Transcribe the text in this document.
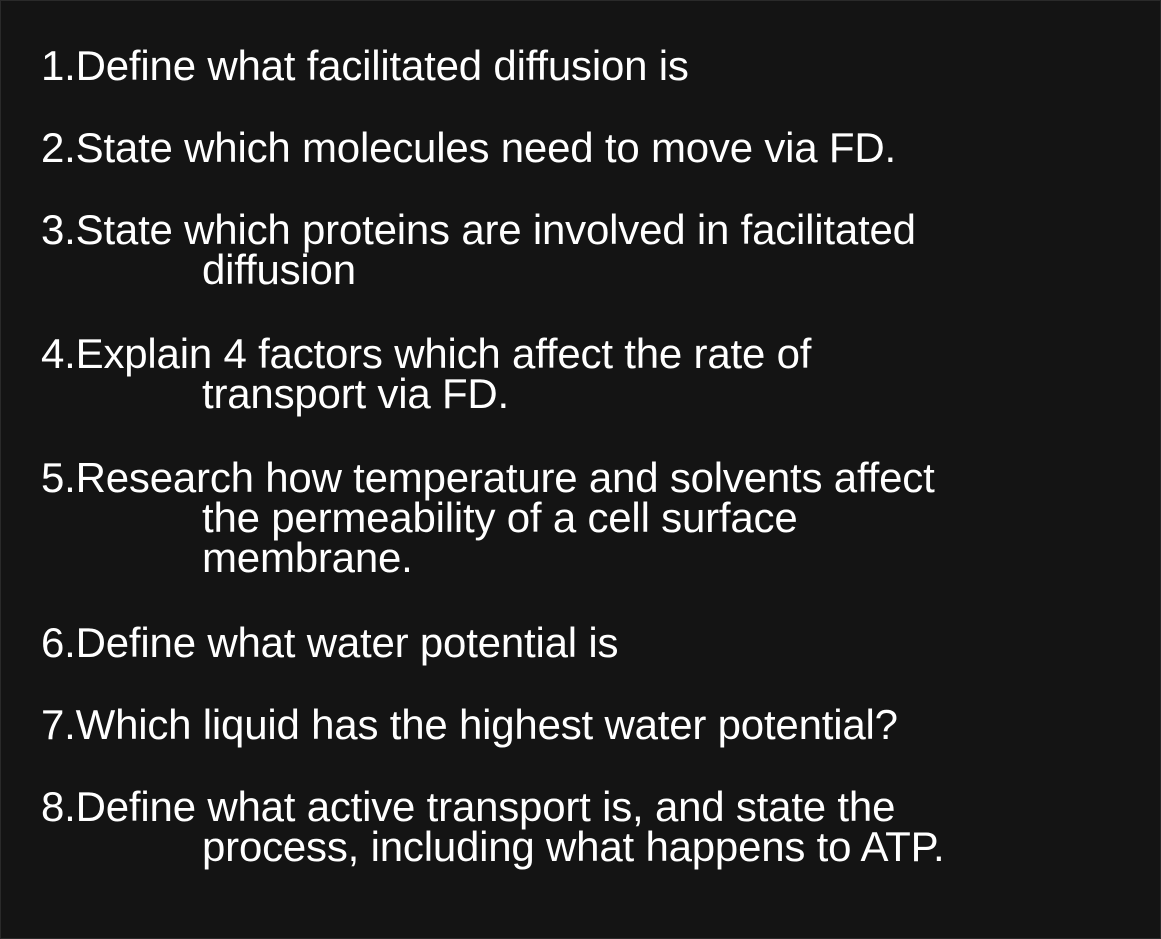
1.Define what facilitated diffusion is
2.State which molecules need to move via FD.
3.State which proteins are involved in facilitated
diffusion
4.Explain 4 factors which affect the rate of
transport via FD.
5.Research how temperature and solvents affect
the permeability of a cell surface
membrane.
6.Define what water potential is
7.Which liquid has the highest water potential?
8.Define what active transport is, and state the
process, including what happens to ATP.
